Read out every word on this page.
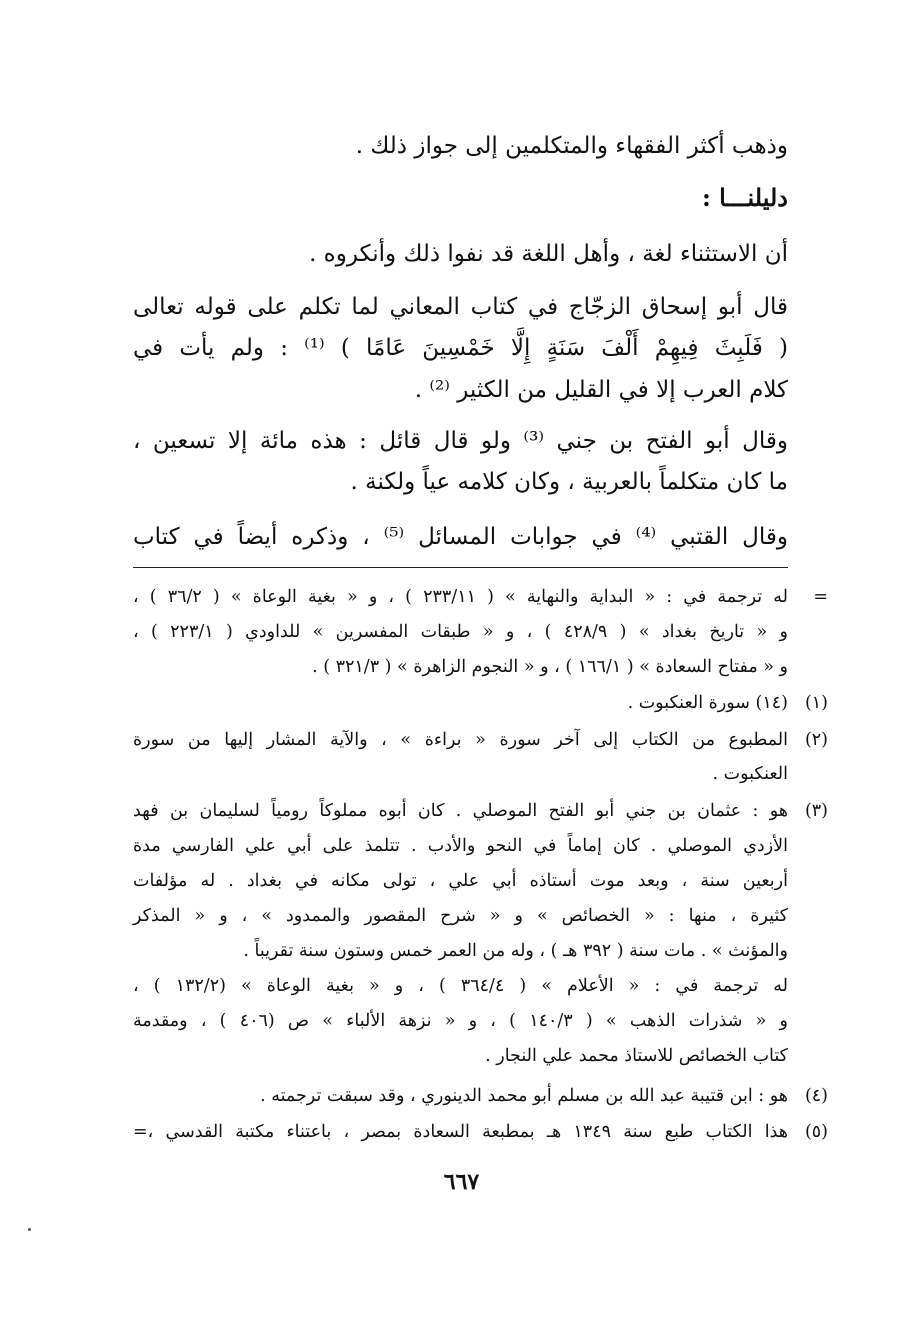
وذهب أكثر الفقهاء والمتكلمين إلى جواز ذلك .
دليلنـــا :
أن الاستثناء لغة ، وأهل اللغة قد نفوا ذلك وأنكروه .
قال أبو إسحاق الزجّاج في كتاب المعاني لما تكلم على قوله تعالى
( فَلَبِثَ فِيهِمْ أَلْفَ سَنَةٍ إِلَّا خَمْسِينَ عَامًا ) ⁽¹⁾ : ولم يأت في
كلام العرب إلا في القليل من الكثير ⁽²⁾ .
وقال أبو الفتح بن جني ⁽³⁾ ولو قال قائل : هذه مائة إلا تسعين ،
ما كان متكلماً بالعربية ، وكان كلامه عياً ولكنة .
وقال القتبي ⁽⁴⁾ في جوابات المسائل ⁽⁵⁾ ، وذكره أيضاً في كتاب
=
له ترجمة في : « البداية والنهاية » ( ٢٣٣/١١ ) ، و « بغية الوعاة » ( ٣٦/٢ ) ،
و « تاريخ بغداد » ( ٤٢٨/٩ ) ، و « طبقات المفسرين » للداودي ( ٢٢٣/١ ) ،
و « مفتاح السعادة » ( ١٦٦/١ ) ، و « النجوم الزاهرة » ( ٣٢١/٣ ) .
(١)
(١٤) سورة العنكبوت .
(٢)
المطبوع من الكتاب إلى آخر سورة « براءة » ، والآية المشار إليها من سورة
العنكبوت .
(٣)
هو : عثمان بن جني أبو الفتح الموصلي . كان أبوه مملوكاً رومياً لسليمان بن فهد
الأزدي الموصلي . كان إماماً في النحو والأدب . تتلمذ على أبي علي الفارسي مدة
أربعين سنة ، وبعد موت أستاذه أبي علي ، تولى مكانه في بغداد . له مؤلفات
كثيرة ، منها : « الخصائص » و « شرح المقصور والممدود » ، و « المذكر
والمؤنث » . مات سنة ( ٣٩٢ هـ ) ، وله من العمر خمس وستون سنة تقريباً .
له ترجمة في : « الأعلام » ( ٣٦٤/٤ ) ، و « بغية الوعاة » (١٣٢/٢ ) ،
و « شذرات الذهب » ( ١٤٠/٣ ) ، و « نزهة الألباء » ص (٤٠٦ ) ، ومقدمة
كتاب الخصائص للاستاذ محمد علي النجار .
(٤)
هو : ابن قتيبة عبد الله بن مسلم أبو محمد الدينوري ، وقد سبقت ترجمته .
(٥)
هذا الكتاب طبع سنة ١٣٤٩ هـ بمطبعة السعادة بمصر ، باعتناء مكتبة القدسي ،=
٦٦٧
